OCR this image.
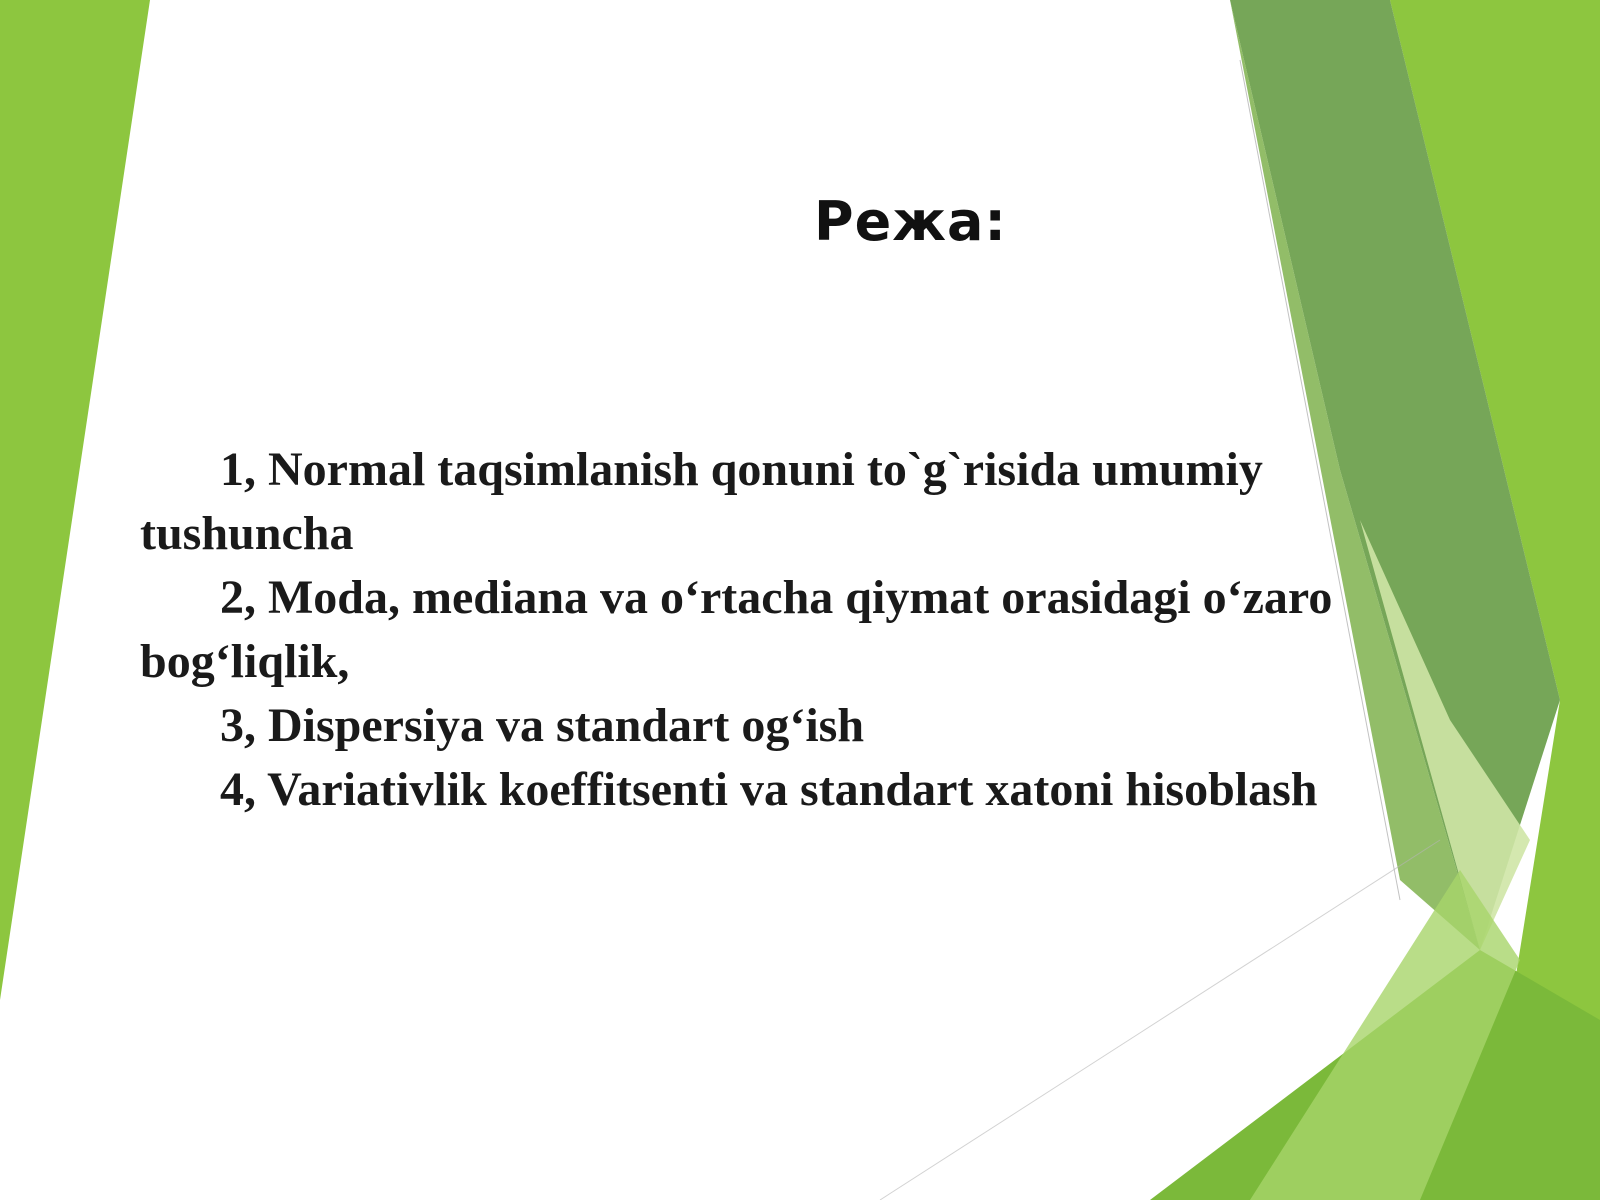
Режа:

1, Normal taqsimlanish qonuni to`g`risida umumiy tushuncha

2, Moda, mediana va o‘rtacha qiymat orasidagi o‘zaro bog‘liqlik,

3, Dispersiya va standart og‘ish

4, Variativlik koeffitsenti va standart xatoni hisoblash
